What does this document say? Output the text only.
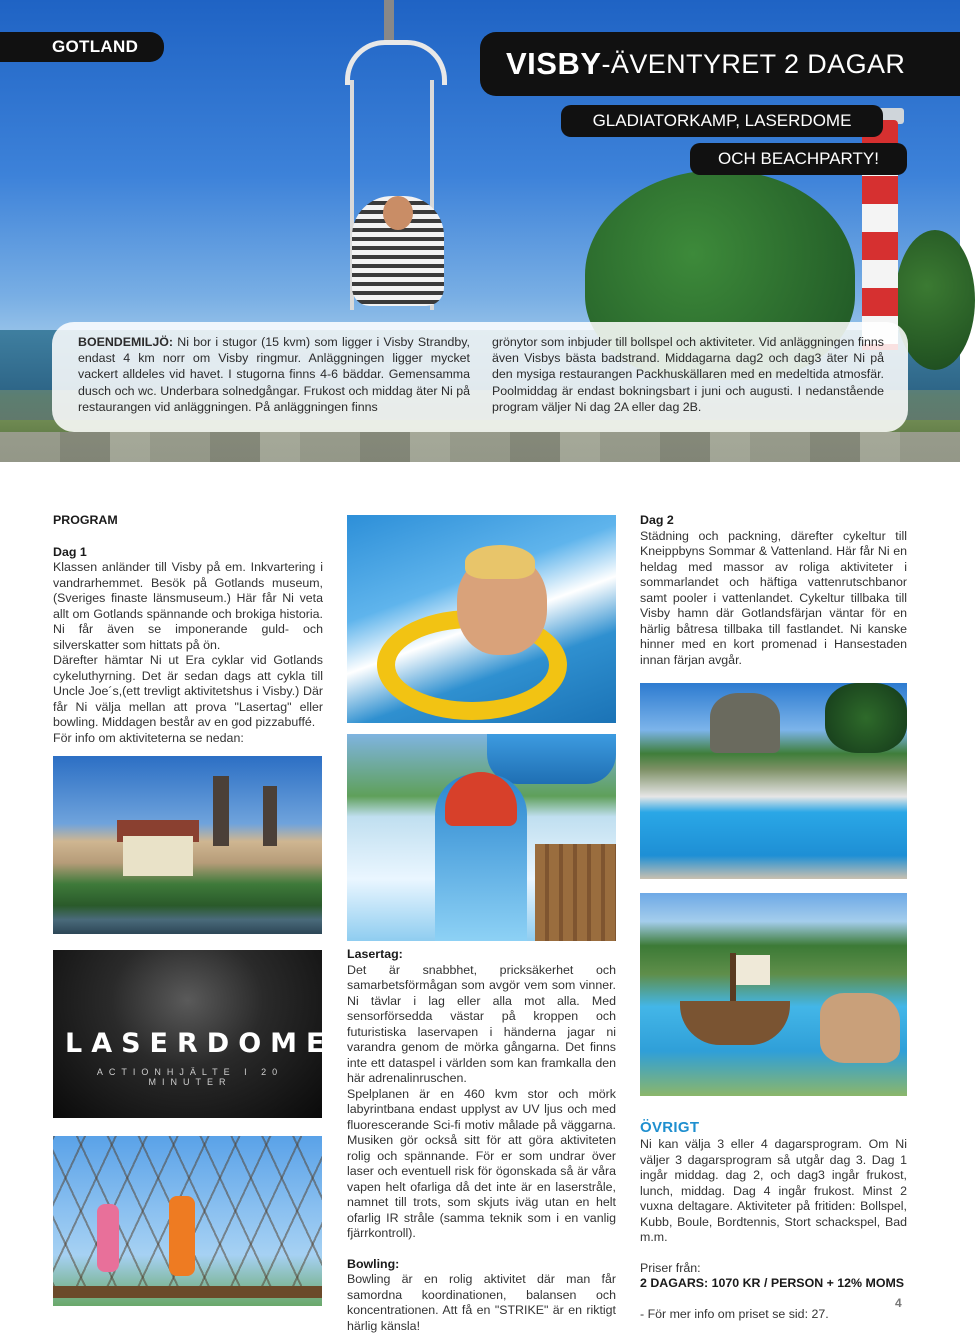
GOTLAND	VISBY -ÄVENTYRET 2 DAGAR
GLADIATORKAMP, LASERDOME
OCH BEACHPARTY!
BOENDEMILJÖ: Ni bor i stugor (15 kvm) som ligger i Visby Strandby, endast 4 km norr om Visby ringmur. Anläggningen ligger mycket vackert alldeles vid havet. I stugorna finns 4-6 bäddar. Gemensamma dusch och wc. Underbara solnedgångar. Frukost och middag äter Ni på restaurangen vid anläggningen. På anläggningen finns
grönytor som inbjuder till bollspel och aktiviteter. Vid anläggningen finns även Visbys bästa badstrand. Middagarna dag2 och dag3 äter Ni på den mysiga restaurangen Packhuskällaren med en medeltida atmosfär. Poolmiddag är endast bokningsbart i juni och augusti. I nedanstående program väljer Ni dag 2A eller dag 2B.
PROGRAM
Dag 1
Klassen anländer till Visby på em. Inkvartering i vandrarhemmet. Besök på Gotlands museum,(Sveriges finaste länsmuseum.) Här får Ni veta allt om Gotlands spännande och brokiga historia. Ni får även se imponerande guld- och silverskatter som hittats på ön.
Därefter hämtar Ni ut Era cyklar vid Gotlands cykeluthyrning. Det är sedan dags att cykla till Uncle Joe´s,(ett trevligt aktivitetshus i Visby.) Där får Ni välja mellan att prova "Lasertag" eller bowling. Middagen består av en god pizzabuffé.
För info om aktiviteterna se nedan:
Dag 2
Städning och packning, därefter cykeltur till Kneippbyns Sommar & Vattenland. Här får Ni en heldag med massor av roliga aktiviteter i sommarlandet och häftiga vattenrutschbanor samt pooler i vattenlandet. Cykeltur tillbaka till Visby hamn där Gotlandsfärjan väntar för en härlig båtresa tillbaka till fastlandet. Ni kanske hinner med en kort promenad i Hansestaden innan färjan avgår.
Lasertag:
Det är snabbhet, pricksäkerhet och samarbetsförmågan som avgör vem som vinner. Ni tävlar i lag eller alla mot alla. Med sensorförsedda västar på kroppen och futuristiska laservapen i händerna jagar ni varandra genom de mörka gångarna. Det finns inte ett dataspel i världen som kan framkalla den här adrenalinruschen.
Spelplanen är en 460 kvm stor och mörk labyrintbana endast upplyst av UV ljus och med fluorescerande Sci-fi motiv målade på väggarna. Musiken gör också sitt för att göra aktiviteten rolig och spännande. För er som undrar över laser och eventuell risk för ögonskada så är våra vapen helt ofarliga då det inte är en laserstråle, namnet till trots, som skjuts iväg utan en helt ofarlig IR stråle (samma teknik som i en vanlig fjärrkontroll).
Bowling:
Bowling är en rolig aktivitet där man får samordna koordinationen, balansen och koncentrationen. Att få en "STRIKE" är en riktigt härlig känsla!
ÖVRIGT
Ni kan välja 3 eller 4 dagarsprogram. Om Ni väljer 3 dagarsprogram så utgår dag 3. Dag 1 ingår middag. dag 2, och dag3 ingår frukost, lunch, middag. Dag 4 ingår frukost. Minst 2 vuxna deltagare. Aktiviteter på fritiden: Bollspel, Kubb, Boule, Bordtennis, Stort schackspel, Bad m.m.
Priser från:
2 DAGARS: 1070 KR / PERSON + 12% MOMS
- För mer info om priset se sid: 27.
4
LASERDOME®
ACTIONHJÄLTE I 20 MINUTER
